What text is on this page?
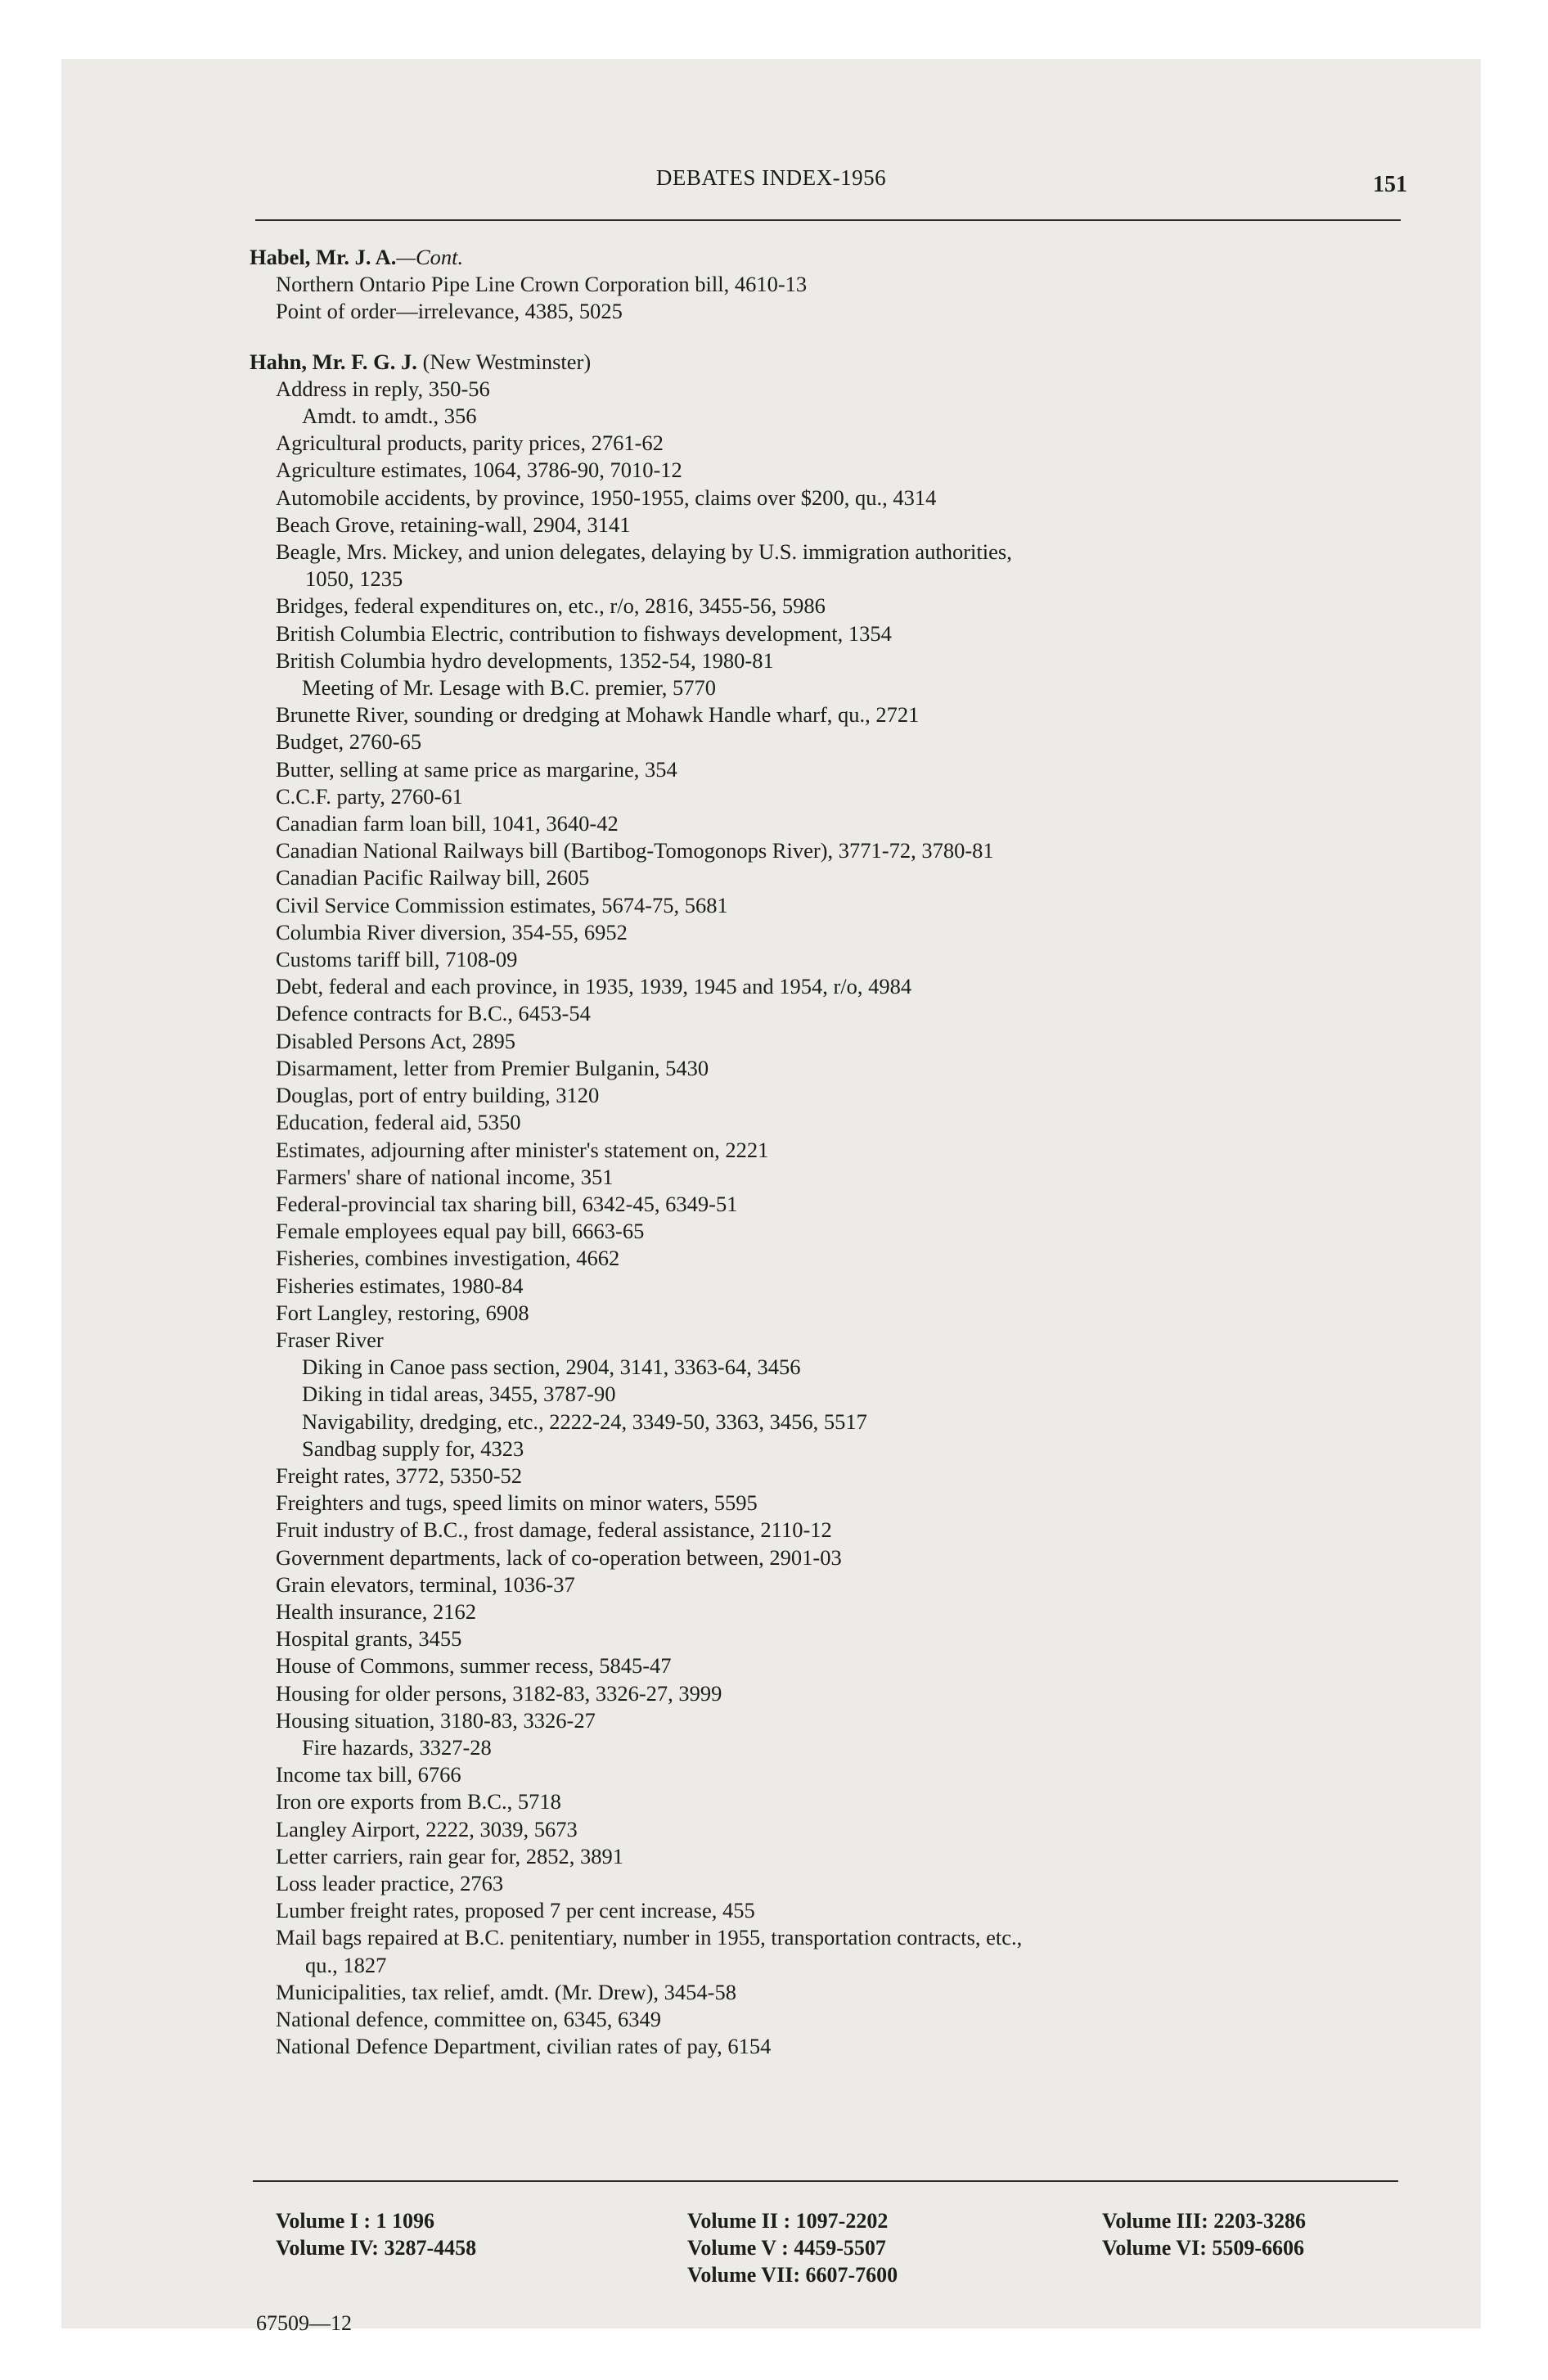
DEBATES INDEX-1956	151
Habel, Mr. J. A.—Cont.
Northern Ontario Pipe Line Crown Corporation bill, 4610-13
Point of order—irrelevance, 4385, 5025
Hahn, Mr. F. G. J. (New Westminster)
Address in reply, 350-56
Amdt. to amdt., 356
Agricultural products, parity prices, 2761-62
Agriculture estimates, 1064, 3786-90, 7010-12
Automobile accidents, by province, 1950-1955, claims over $200, qu., 4314
Beach Grove, retaining-wall, 2904, 3141
Beagle, Mrs. Mickey, and union delegates, delaying by U.S. immigration authorities,
1050, 1235
Bridges, federal expenditures on, etc., r/o, 2816, 3455-56, 5986
British Columbia Electric, contribution to fishways development, 1354
British Columbia hydro developments, 1352-54, 1980-81
Meeting of Mr. Lesage with B.C. premier, 5770
Brunette River, sounding or dredging at Mohawk Handle wharf, qu., 2721
Budget, 2760-65
Butter, selling at same price as margarine, 354
C.C.F. party, 2760-61
Canadian farm loan bill, 1041, 3640-42
Canadian National Railways bill (Bartibog-Tomogonops River), 3771-72, 3780-81
Canadian Pacific Railway bill, 2605
Civil Service Commission estimates, 5674-75, 5681
Columbia River diversion, 354-55, 6952
Customs tariff bill, 7108-09
Debt, federal and each province, in 1935, 1939, 1945 and 1954, r/o, 4984
Defence contracts for B.C., 6453-54
Disabled Persons Act, 2895
Disarmament, letter from Premier Bulganin, 5430
Douglas, port of entry building, 3120
Education, federal aid, 5350
Estimates, adjourning after minister's statement on, 2221
Farmers' share of national income, 351
Federal-provincial tax sharing bill, 6342-45, 6349-51
Female employees equal pay bill, 6663-65
Fisheries, combines investigation, 4662
Fisheries estimates, 1980-84
Fort Langley, restoring, 6908
Fraser River
Diking in Canoe pass section, 2904, 3141, 3363-64, 3456
Diking in tidal areas, 3455, 3787-90
Navigability, dredging, etc., 2222-24, 3349-50, 3363, 3456, 5517
Sandbag supply for, 4323
Freight rates, 3772, 5350-52
Freighters and tugs, speed limits on minor waters, 5595
Fruit industry of B.C., frost damage, federal assistance, 2110-12
Government departments, lack of co-operation between, 2901-03
Grain elevators, terminal, 1036-37
Health insurance, 2162
Hospital grants, 3455
House of Commons, summer recess, 5845-47
Housing for older persons, 3182-83, 3326-27, 3999
Housing situation, 3180-83, 3326-27
Fire hazards, 3327-28
Income tax bill, 6766
Iron ore exports from B.C., 5718
Langley Airport, 2222, 3039, 5673
Letter carriers, rain gear for, 2852, 3891
Loss leader practice, 2763
Lumber freight rates, proposed 7 per cent increase, 455
Mail bags repaired at B.C. penitentiary, number in 1955, transportation contracts, etc.,
qu., 1827
Municipalities, tax relief, amdt. (Mr. Drew), 3454-58
National defence, committee on, 6345, 6349
National Defence Department, civilian rates of pay, 6154
Volume I : 1 1096
Volume IV: 3287-4458
Volume II : 1097-2202
Volume V : 4459-5507
Volume VII: 6607-7600
Volume III: 2203-3286
Volume VI: 5509-6606
67509—12
